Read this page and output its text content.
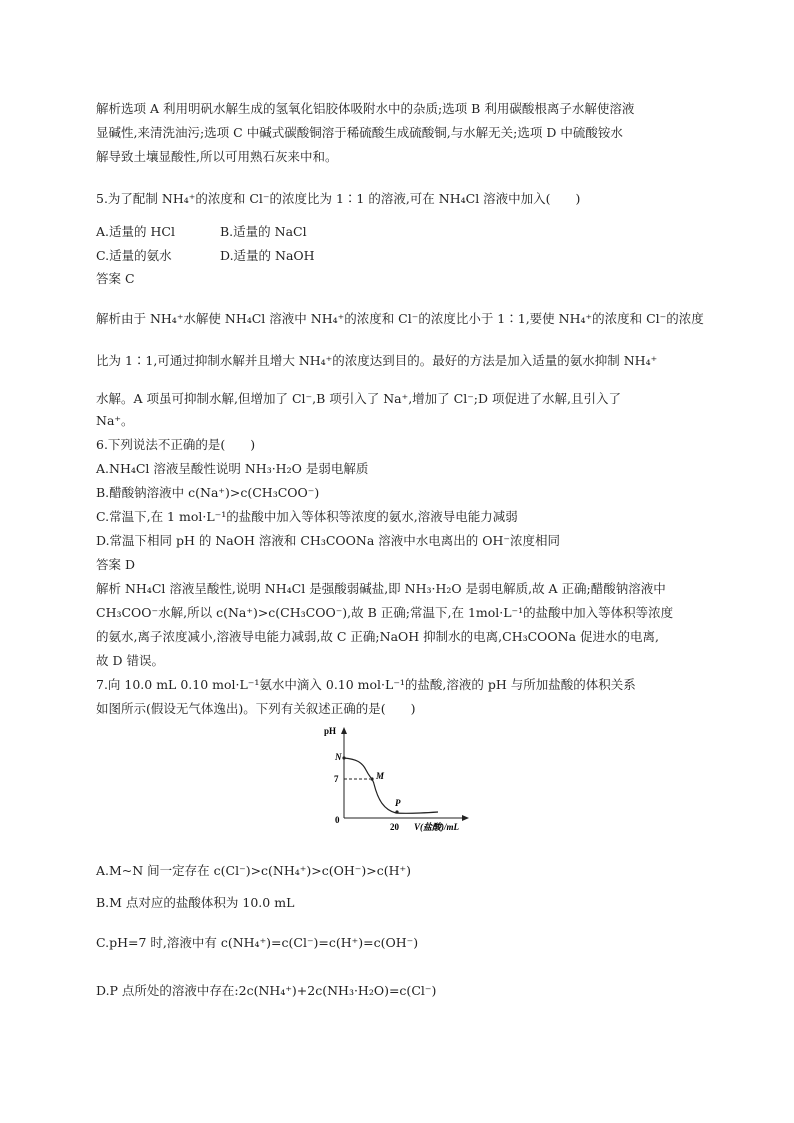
解析选项 A 利用明矾水解生成的氢氧化铝胶体吸附水中的杂质;选项 B 利用碳酸根离子水解使溶液
显碱性,来清洗油污;选项 C 中碱式碳酸铜溶于稀硫酸生成硫酸铜,与水解无关;选项 D 中硫酸铵水
解导致土壤显酸性,所以可用熟石灰来中和。
5.为了配制 NH₄⁺的浓度和 Cl⁻的浓度比为 1∶1 的溶液,可在 NH₄Cl 溶液中加入(　　)
A.适量的 HCl	B.适量的 NaCl
C.适量的氨水	D.适量的 NaOH
答案 C
解析由于 NH₄⁺水解使 NH₄Cl 溶液中 NH₄⁺的浓度和 Cl⁻的浓度比小于 1∶1,要使 NH₄⁺的浓度和 Cl⁻的浓度
比为 1∶1,可通过抑制水解并且增大 NH₄⁺的浓度达到目的。最好的方法是加入适量的氨水抑制 NH₄⁺
水解。A 项虽可抑制水解,但增加了 Cl⁻,B 项引入了 Na⁺,增加了 Cl⁻;D 项促进了水解,且引入了
Na⁺。
6.下列说法不正确的是(　　)
A.NH₄Cl 溶液呈酸性说明 NH₃·H₂O 是弱电解质
B.醋酸钠溶液中 c(Na⁺)>c(CH₃COO⁻)
C.常温下,在 1 mol·L⁻¹的盐酸中加入等体积等浓度的氨水,溶液导电能力减弱
D.常温下相同 pH 的 NaOH 溶液和 CH₃COONa 溶液中水电离出的 OH⁻浓度相同
答案 D
解析 NH₄Cl 溶液呈酸性,说明 NH₄Cl 是强酸弱碱盐,即 NH₃·H₂O 是弱电解质,故 A 正确;醋酸钠溶液中
CH₃COO⁻水解,所以 c(Na⁺)>c(CH₃COO⁻),故 B 正确;常温下,在 1mol·L⁻¹的盐酸中加入等体积等浓度
的氨水,离子浓度减小,溶液导电能力减弱,故 C 正确;NaOH 抑制水的电离,CH₃COONa 促进水的电离,
故 D 错误。
7.向 10.0 mL 0.10 mol·L⁻¹氨水中滴入 0.10 mol·L⁻¹的盐酸,溶液的 pH 与所加盐酸的体积关系
如图所示(假设无气体逸出)。下列有关叙述正确的是(　　)
pH
V(盐酸)/mL
0
7
20
N
M
P
A.M~N 间一定存在 c(Cl⁻)>c(NH₄⁺)>c(OH⁻)>c(H⁺)
B.M 点对应的盐酸体积为 10.0 mL
C.pH=7 时,溶液中有 c(NH₄⁺)=c(Cl⁻)=c(H⁺)=c(OH⁻)
D.P 点所处的溶液中存在:2c(NH₄⁺)+2c(NH₃·H₂O)=c(Cl⁻)
